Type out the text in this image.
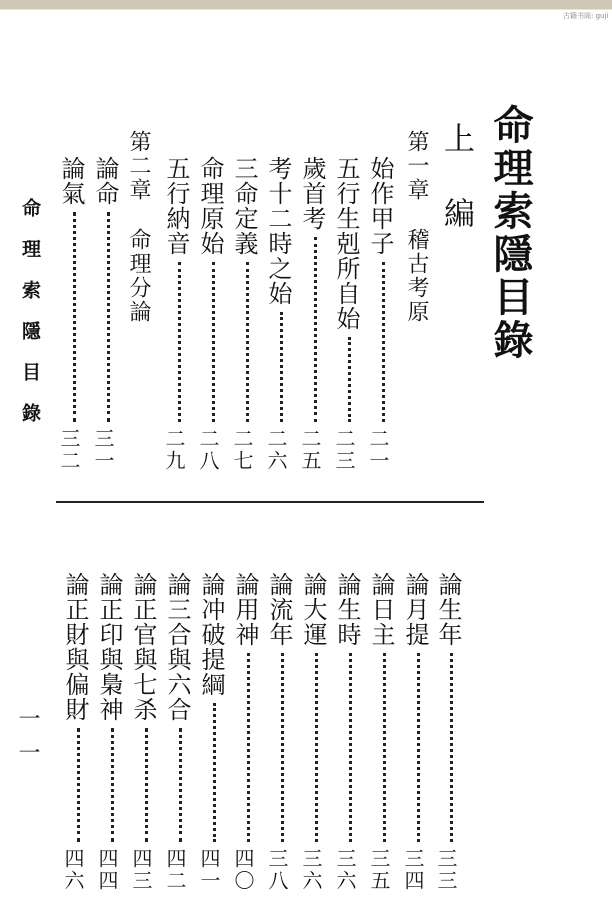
古籍书阁: guji
命理索隱目錄
上 編
命理索隱目錄
一一
第一章稽古考原
第二章命理分論
始作甲子
二一
五行生剋所自始
二三
歲首考
二五
考十二時之始
二六
三命定義
二七
命理原始
二八
五行納音
二九
論命
三一
論氣
三二
論生年
三三
論月提
三四
論日主
三五
論生時
三六
論大運
三六
論流年
三八
論用神
四〇
論冲破提綱
四一
論三合與六合
四二
論正官與七杀
四三
論正印與梟神
四四
論正財與偏財
四六
